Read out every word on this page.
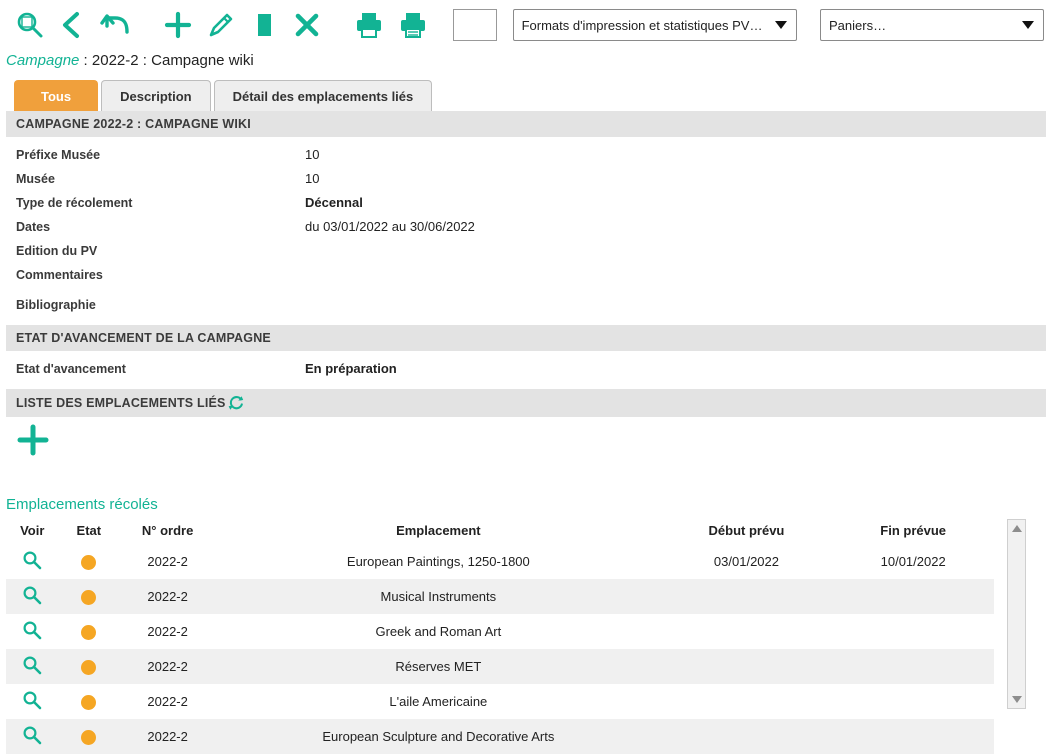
Formats d'impression et statistiques PV…
Paniers…
Campagne : 2022-2 : Campagne wiki
Tous	Description	Détail des emplacements liés
CAMPAGNE 2022-2 : CAMPAGNE WIKI
Préfixe Musée	10
Musée	10
Type de récolement	Décennal
Dates	du 03/01/2022 au 30/06/2022
Edition du PV
Commentaires
Bibliographie
ETAT D'AVANCEMENT DE LA CAMPAGNE
Etat d'avancement	En préparation
LISTE DES EMPLACEMENTS LIÉS
Emplacements récolés
Voir	Etat	N° ordre	Emplacement	Début prévu	Fin prévue
		2022-2	European Paintings, 1250-1800	03/01/2022	10/01/2022
		2022-2	Musical Instruments		
		2022-2	Greek and Roman Art		
		2022-2	Réserves MET		
		2022-2	L'aile Americaine		
		2022-2	European Sculpture and Decorative Arts		
